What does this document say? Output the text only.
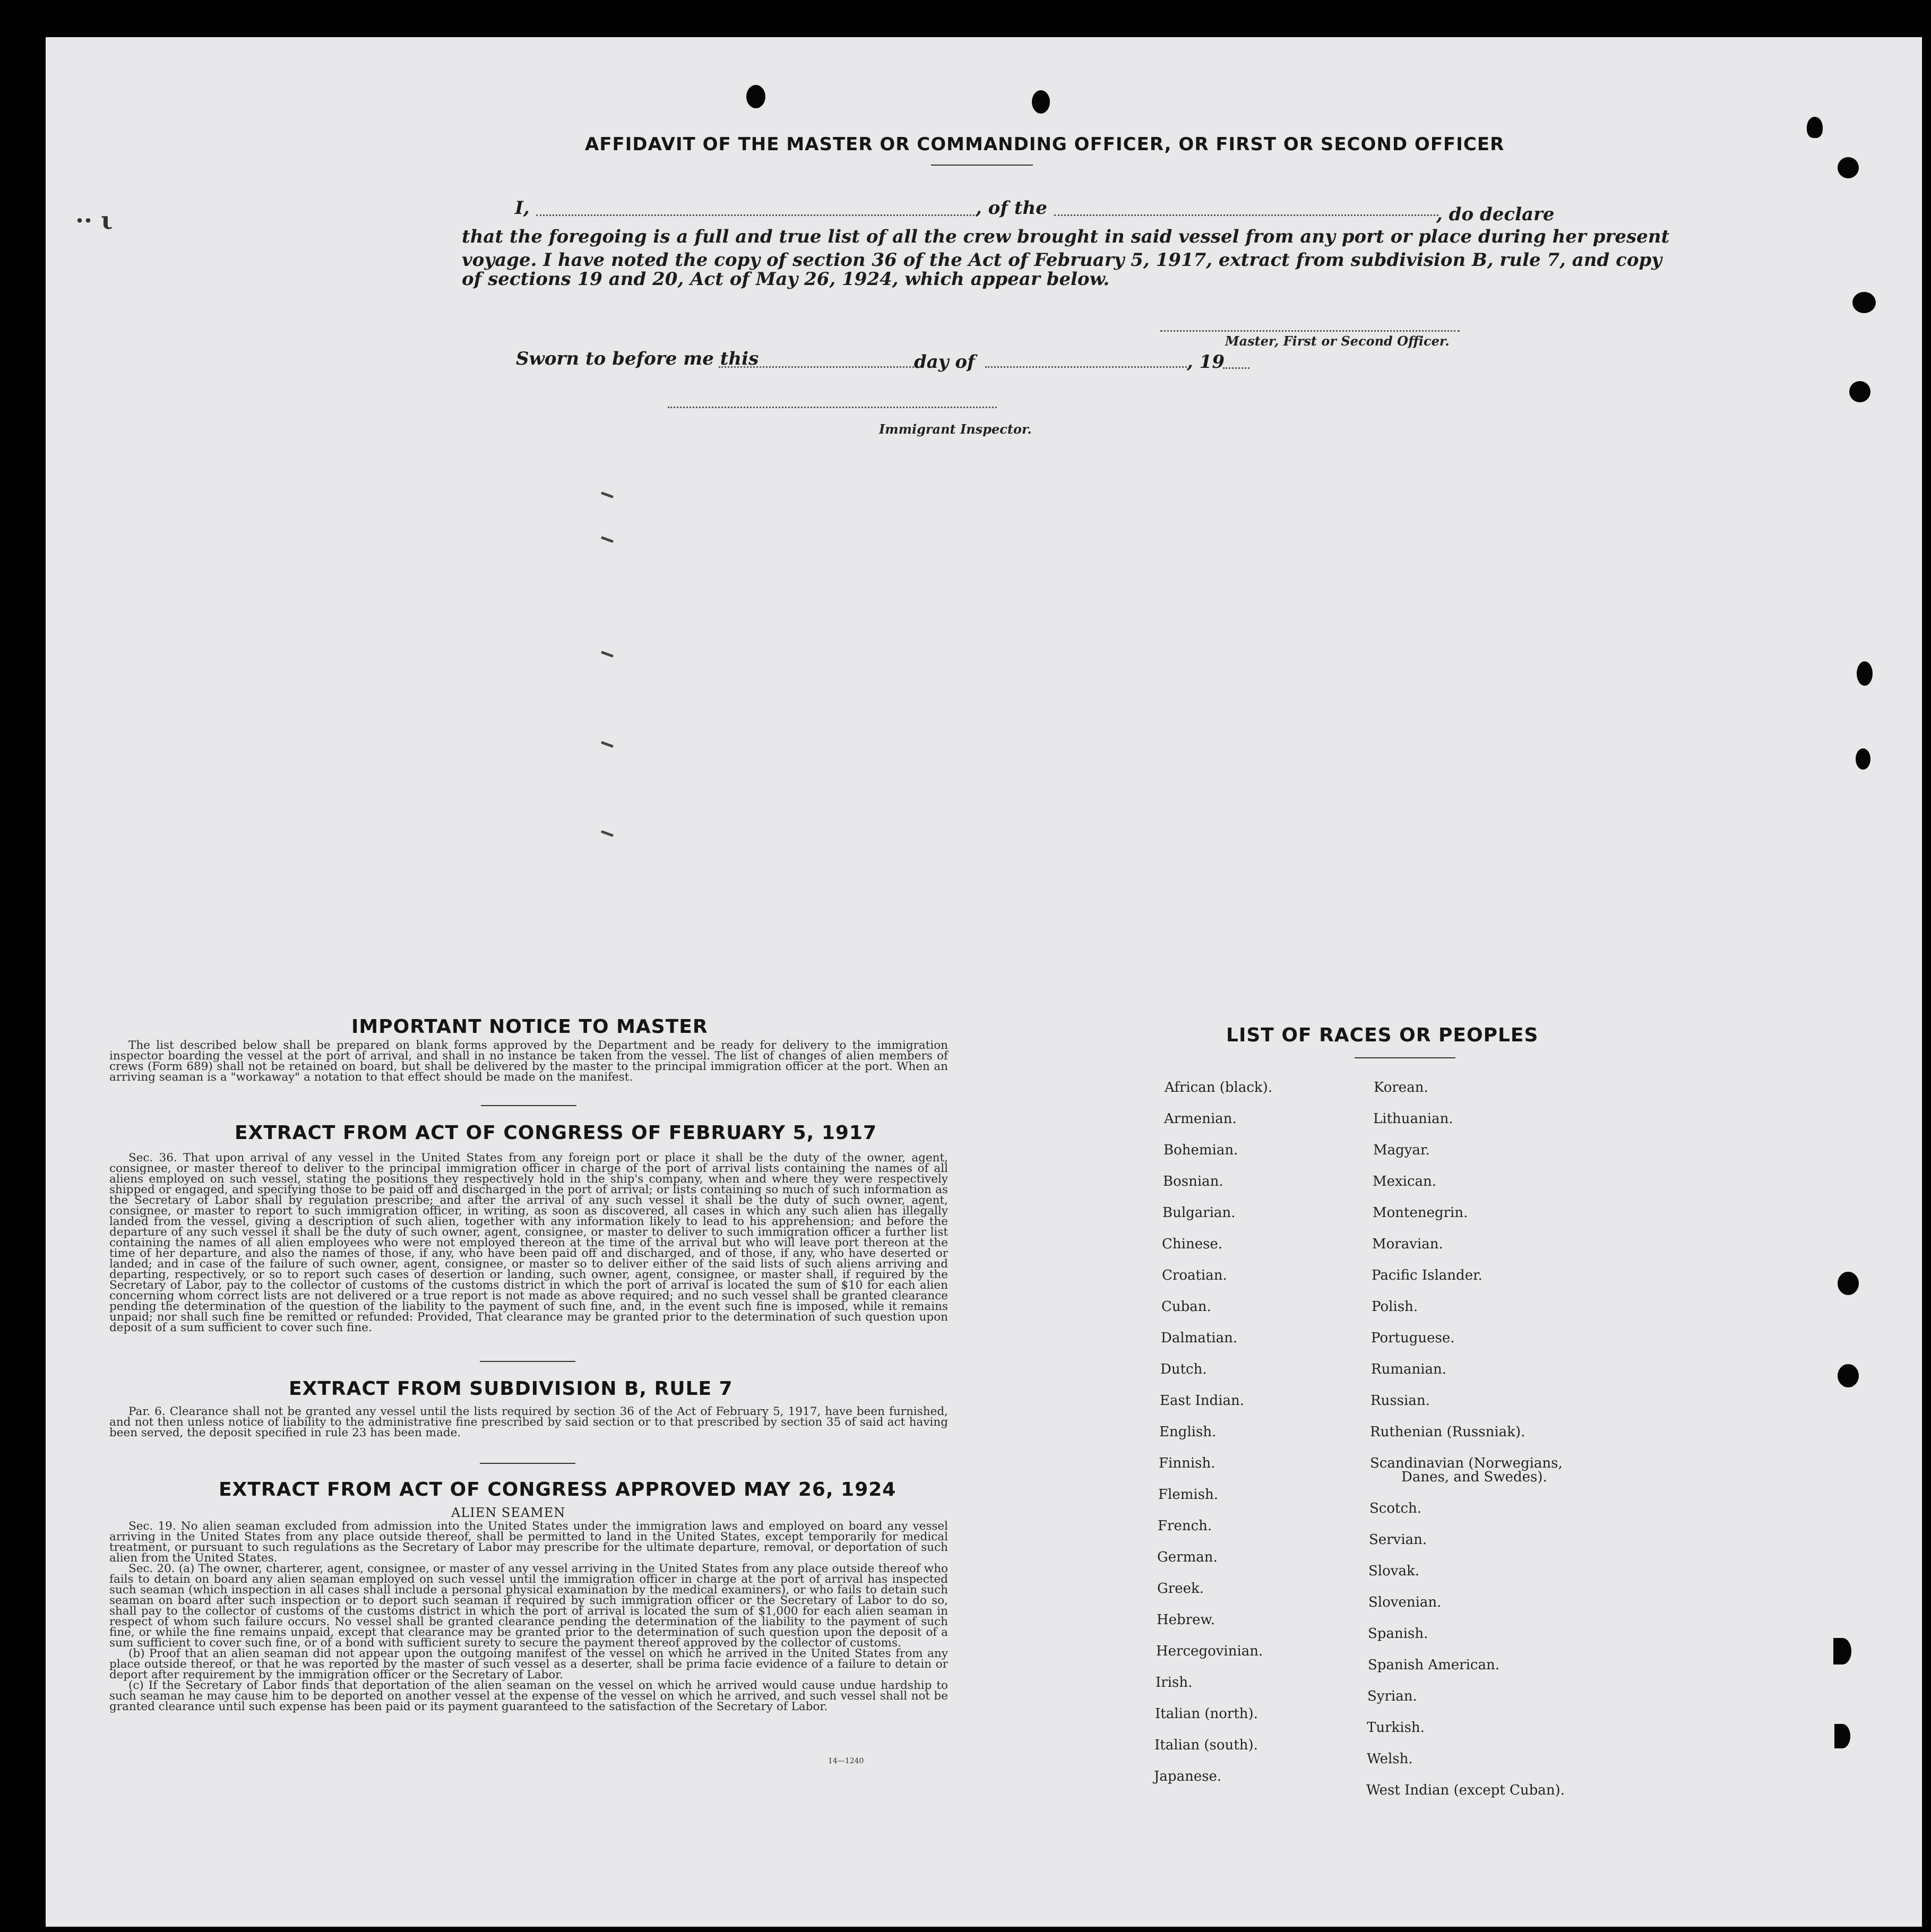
·· ι
AFFIDAVIT OF THE MASTER OR COMMANDING OFFICER, OR FIRST OR SECOND OFFICER
I,	, of the	, do declare
that the foregoing is a full and true list of all the crew brought in said vessel from any port or place during her present
voyage. I have noted the copy of section 36 of the Act of February 5, 1917, extract from subdivision B, rule 7, and copy
of sections 19 and 20, Act of May 26, 1924, which appear below.
Master, First or Second Officer.
Sworn to before me this	day of	, 19
Immigrant Inspector.
IMPORTANT NOTICE TO MASTER

The list described below shall be prepared on blank forms approved by the Department and be ready for delivery to the immigration inspector boarding the vessel at the port of arrival, and shall in no instance be taken from the vessel. The list of changes of alien members of crews (Form 689) shall not be retained on board, but shall be delivered by the master to the principal immigration officer at the port. When an arriving seaman is a "workaway" a notation to that effect should be made on the manifest.

EXTRACT FROM ACT OF CONGRESS OF FEBRUARY 5, 1917

Sec. 36. That upon arrival of any vessel in the United States from any foreign port or place it shall be the duty of the owner, agent, consignee, or master thereof to deliver to the principal immigration officer in charge of the port of arrival lists containing the names of all aliens employed on such vessel, stating the positions they respectively hold in the ship's company, when and where they were respectively shipped or engaged, and specifying those to be paid off and discharged in the port of arrival; or lists containing so much of such information as the Secretary of Labor shall by regulation prescribe; and after the arrival of any such vessel it shall be the duty of such owner, agent, consignee, or master to report to such immigration officer, in writing, as soon as discovered, all cases in which any such alien has illegally landed from the vessel, giving a description of such alien, together with any information likely to lead to his apprehension; and before the departure of any such vessel it shall be the duty of such owner, agent, consignee, or master to deliver to such immigration officer a further list containing the names of all alien employees who were not employed thereon at the time of the arrival but who will leave port thereon at the time of her departure, and also the names of those, if any, who have been paid off and discharged, and of those, if any, who have deserted or landed; and in case of the failure of such owner, agent, consignee, or master so to deliver either of the said lists of such aliens arriving and departing, respectively, or so to report such cases of desertion or landing, such owner, agent, consignee, or master shall, if required by the Secretary of Labor, pay to the collector of customs of the customs district in which the port of arrival is located the sum of $10 for each alien concerning whom correct lists are not delivered or a true report is not made as above required; and no such vessel shall be granted clearance pending the determination of the question of the liability to the payment of such fine, and, in the event such fine is imposed, while it remains unpaid; nor shall such fine be remitted or refunded: Provided, That clearance may be granted prior to the determination of such question upon deposit of a sum sufficient to cover such fine.

EXTRACT FROM SUBDIVISION B, RULE 7

Par. 6. Clearance shall not be granted any vessel until the lists required by section 36 of the Act of February 5, 1917, have been furnished, and not then unless notice of liability to the administrative fine prescribed by said section or to that prescribed by section 35 of said act having been served, the deposit specified in rule 23 has been made.

EXTRACT FROM ACT OF CONGRESS APPROVED MAY 26, 1924
ALIEN SEAMEN

Sec. 19. No alien seaman excluded from admission into the United States under the immigration laws and employed on board any vessel arriving in the United States from any place outside thereof, shall be permitted to land in the United States, except temporarily for medical treatment, or pursuant to such regulations as the Secretary of Labor may prescribe for the ultimate departure, removal, or deportation of such alien from the United States.

Sec. 20. (a) The owner, charterer, agent, consignee, or master of any vessel arriving in the United States from any place outside thereof who fails to detain on board any alien seaman employed on such vessel until the immigration officer in charge at the port of arrival has inspected such seaman (which inspection in all cases shall include a personal physical examination by the medical examiners), or who fails to detain such seaman on board after such inspection or to deport such seaman if required by such immigration officer or the Secretary of Labor to do so, shall pay to the collector of customs of the customs district in which the port of arrival is located the sum of $1,000 for each alien seaman in respect of whom such failure occurs. No vessel shall be granted clearance pending the determination of the liability to the payment of such fine, or while the fine remains unpaid, except that clearance may be granted prior to the determination of such question upon the deposit of a sum sufficient to cover such fine, or of a bond with sufficient surety to secure the payment thereof approved by the collector of customs.

(b) Proof that an alien seaman did not appear upon the outgoing manifest of the vessel on which he arrived in the United States from any place outside thereof, or that he was reported by the master of such vessel as a deserter, shall be prima facie evidence of a failure to detain or deport after requirement by the immigration officer or the Secretary of Labor.

(c) If the Secretary of Labor finds that deportation of the alien seaman on the vessel on which he arrived would cause undue hardship to such seaman he may cause him to be deported on another vessel at the expense of the vessel on which he arrived, and such vessel shall not be granted clearance until such expense has been paid or its payment guaranteed to the satisfaction of the Secretary of Labor.

14—1240
LIST OF RACES OR PEOPLES
African (black).
Armenian.
Bohemian.
Bosnian.
Bulgarian.
Chinese.
Croatian.
Cuban.
Dalmatian.
Dutch.
East Indian.
English.
Finnish.
Flemish.
French.
German.
Greek.
Hebrew.
Hercegovinian.
Irish.
Italian (north).
Italian (south).
Japanese.
Korean.
Lithuanian.
Magyar.
Mexican.
Montenegrin.
Moravian.
Pacific Islander.
Polish.
Portuguese.
Rumanian.
Russian.
Ruthenian (Russniak).
Scandinavian (Norwegians,
Danes, and Swedes).
Scotch.
Servian.
Slovak.
Slovenian.
Spanish.
Spanish American.
Syrian.
Turkish.
Welsh.
West Indian (except Cuban).
